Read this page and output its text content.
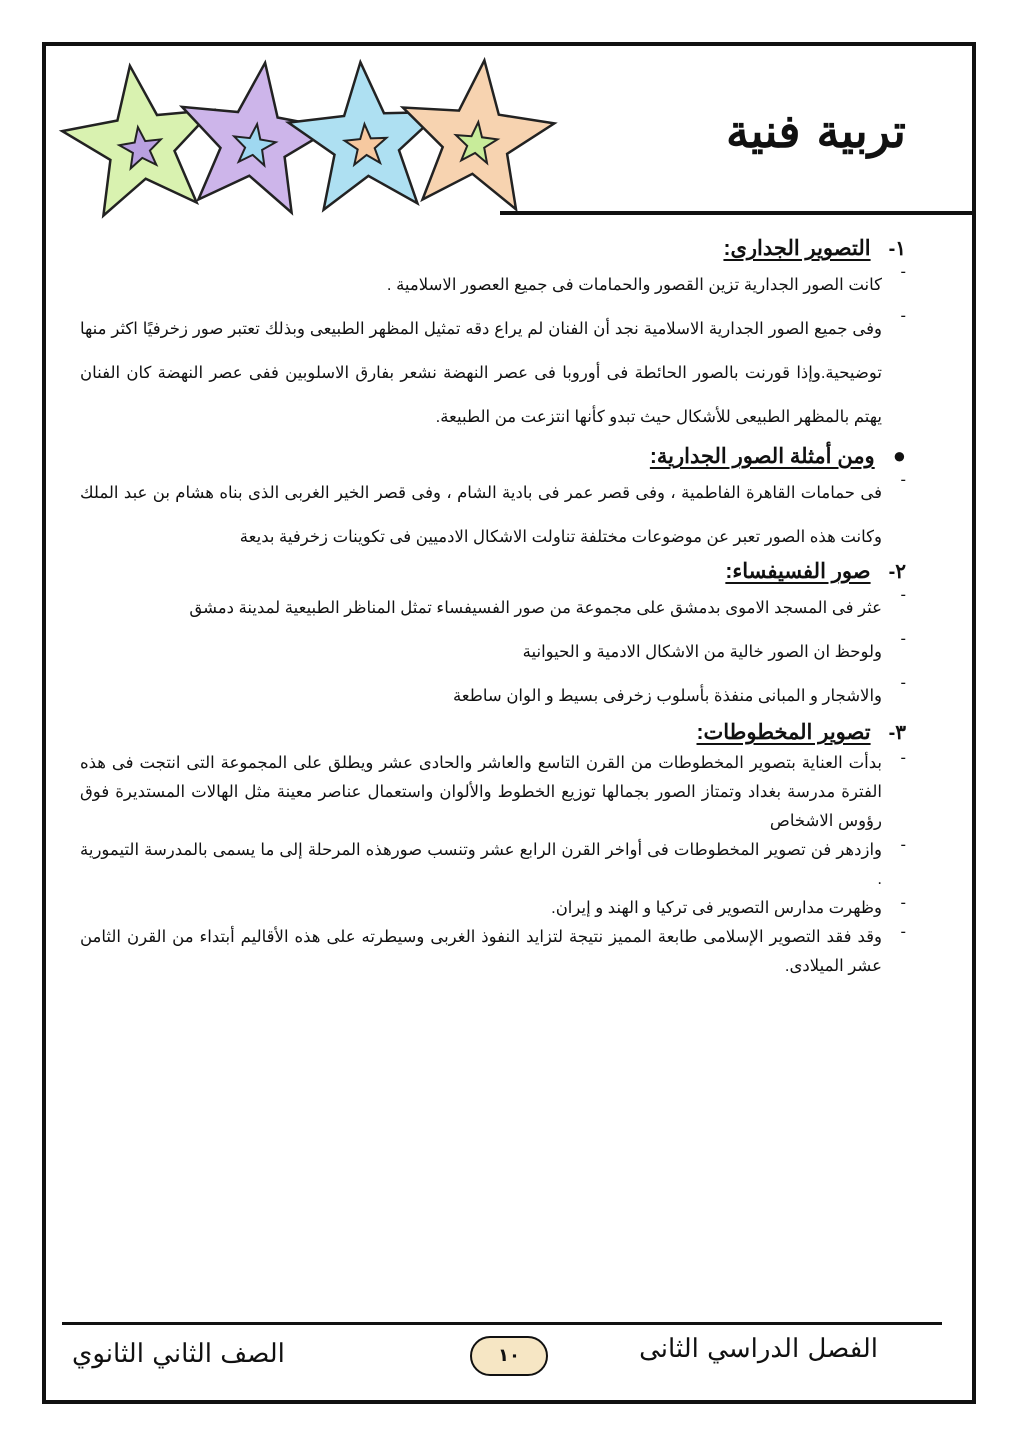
تربية فنية
١-
التصوير الجدارى:
-

كانت الصور الجدارية تزين القصور والحمامات فى جميع العصور الاسلامية .

-

وفى جميع الصور الجدارية الاسلامية نجد أن الفنان لم يراع دقه تمثيل المظهر الطبيعى وبذلك تعتبر صور زخرفيًا اكثر منها توضيحية.وإذا قورنت بالصور الحائطة فى أوروبا فى عصر النهضة نشعر بفارق الاسلوبين ففى عصر النهضة كان الفنان يهتم بالمظهر الطبيعى للأشكال حيث تبدو كأنها انتزعت من الطبيعة.

●
ومن أمثلة الصور الجدارية:
-

فى حمامات القاهرة الفاطمية ، وفى قصر عمر فى بادية الشام ، وفى قصر الخير الغربى الذى بناه هشام بن عبد الملك وكانت هذه الصور تعبر عن موضوعات مختلفة تناولت الاشكال الادميين فى تكوينات زخرفية بديعة

٢-
صور الفسيفساء:
-

عثر فى المسجد الاموى بدمشق على مجموعة من صور الفسيفساء تمثل المناظر الطبيعية لمدينة دمشق

-

ولوحظ ان الصور خالية من الاشكال الادمية و الحيوانية

-

والاشجار و المبانى منفذة بأسلوب زخرفى بسيط و الوان ساطعة

٣-
تصوير المخطوطات:
-

بدأت العناية بتصوير المخطوطات من القرن التاسع والعاشر والحادى عشر ويطلق على المجموعة التى انتجت فى هذه الفترة مدرسة بغداد وتمتاز الصور بجمالها توزيع الخطوط والألوان واستعمال عناصر معينة مثل الهالات المستديرة فوق رؤوس الاشخاص

-

وازدهر فن تصوير المخطوطات فى أواخر القرن الرابع عشر وتنسب صورهذه المرحلة إلى ما يسمى بالمدرسة التيمورية .

-

وظهرت مدارس التصوير فى تركيا و الهند و إيران.

-

وقد فقد التصوير الإسلامى طابعة المميز نتيجة لتزايد النفوذ الغربى وسيطرته على هذه الأقاليم أبتداء من القرن الثامن عشر الميلادى.

الصف الثاني الثانوي	١٠	الفصل الدراسي الثانى
